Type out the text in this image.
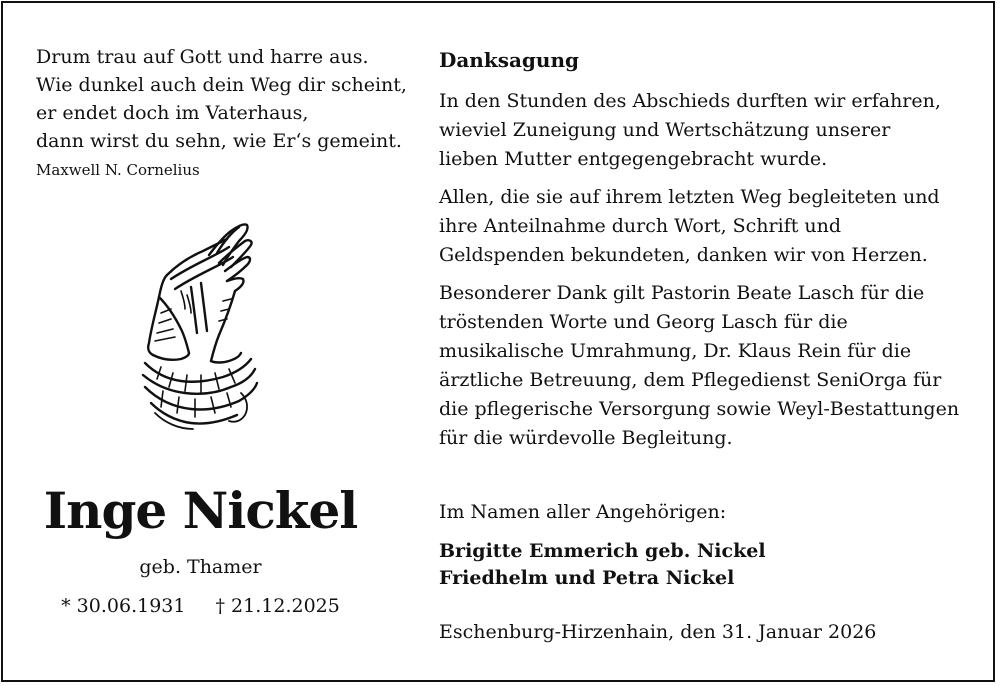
Drum trau auf Gott und harre aus.
Wie dunkel auch dein Weg dir scheint,
er endet doch im Vaterhaus,
dann wirst du sehn, wie Er‘s gemeint.
Maxwell N. Cornelius
Inge Nickel
geb. Thamer
* 30.06.1931 † 21.12.2025
Danksagung
In den Stunden des Abschieds durften wir erfahren,
wieviel Zuneigung und Wertschätzung unserer
lieben Mutter entgegengebracht wurde.
Allen, die sie auf ihrem letzten Weg begleiteten und
ihre Anteilnahme durch Wort, Schrift und
Geldspenden bekundeten, danken wir von Herzen.
Besonderer Dank gilt Pastorin Beate Lasch für die
tröstenden Worte und Georg Lasch für die
musikalische Umrahmung, Dr. Klaus Rein für die
ärztliche Betreuung, dem Pflegedienst SeniOrga für
die pflegerische Versorgung sowie Weyl-Bestattungen
für die würdevolle Begleitung.
Im Namen aller Angehörigen:
Brigitte Emmerich geb. Nickel
Friedhelm und Petra Nickel
Eschenburg-Hirzenhain, den 31. Januar 2026
